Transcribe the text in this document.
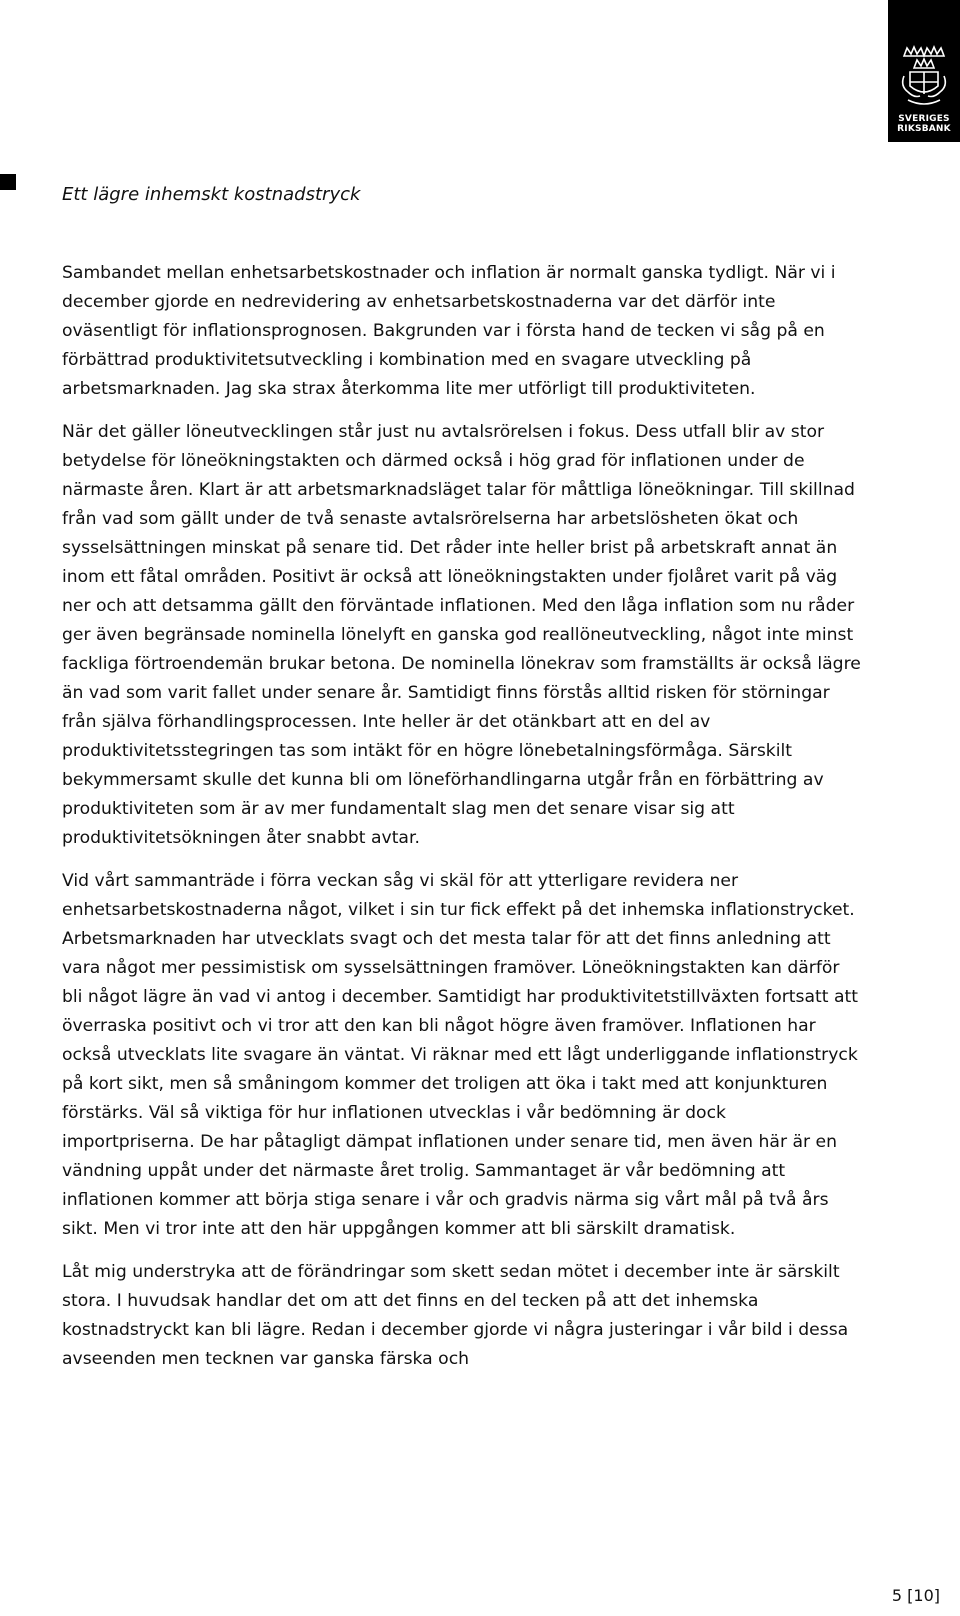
SVERIGES
RIKSBANK
Ett lägre inhemskt kostnadstryck

Sambandet mellan enhetsarbetskostnader och inflation är normalt ganska tydligt. När vi i december gjorde en nedrevidering av enhetsarbetskostnaderna var det därför inte oväsentligt för inflationsprognosen. Bakgrunden var i första hand de tecken vi såg på en förbättrad produktivitetsutveckling i kombination med en svagare utveckling på arbetsmarknaden. Jag ska strax återkomma lite mer utförligt till produktiviteten.

När det gäller löneutvecklingen står just nu avtalsrörelsen i fokus. Dess utfall blir av stor betydelse för löneökningstakten och därmed också i hög grad för inflationen under de närmaste åren. Klart är att arbetsmarknadsläget talar för måttliga löneökningar. Till skillnad från vad som gällt under de två senaste avtalsrörelserna har arbetslösheten ökat och sysselsättningen minskat på senare tid. Det råder inte heller brist på arbetskraft annat än inom ett fåtal områden. Positivt är också att löneökningstakten under fjolåret varit på väg ner och att detsamma gällt den förväntade inflationen. Med den låga inflation som nu råder ger även begränsade nominella lönelyft en ganska god reallöneutveckling, något inte minst fackliga förtroendemän brukar betona. De nominella lönekrav som framställts är också lägre än vad som varit fallet under senare år. Samtidigt finns förstås alltid risken för störningar från själva förhandlingsprocessen. Inte heller är det otänkbart att en del av produktivitetsstegringen tas som intäkt för en högre lönebetalningsförmåga. Särskilt bekymmersamt skulle det kunna bli om löneförhandlingarna utgår från en förbättring av produktiviteten som är av mer fundamentalt slag men det senare visar sig att produktivitetsökningen åter snabbt avtar.

Vid vårt sammanträde i förra veckan såg vi skäl för att ytterligare revidera ner enhetsarbetskostnaderna något, vilket i sin tur fick effekt på det inhemska inflationstrycket. Arbetsmarknaden har utvecklats svagt och det mesta talar för att det finns anledning att vara något mer pessimistisk om sysselsättningen framöver. Löneökningstakten kan därför bli något lägre än vad vi antog i december. Samtidigt har produktivitetstillväxten fortsatt att överraska positivt och vi tror att den kan bli något högre även framöver. Inflationen har också utvecklats lite svagare än väntat. Vi räknar med ett lågt underliggande inflationstryck på kort sikt, men så småningom kommer det troligen att öka i takt med att konjunkturen förstärks. Väl så viktiga för hur inflationen utvecklas i vår bedömning är dock importpriserna. De har påtagligt dämpat inflationen under senare tid, men även här är en vändning uppåt under det närmaste året trolig. Sammantaget är vår bedömning att inflationen kommer att börja stiga senare i vår och gradvis närma sig vårt mål på två års sikt. Men vi tror inte att den här uppgången kommer att bli särskilt dramatisk.

Låt mig understryka att de förändringar som skett sedan mötet i december inte är särskilt stora. I huvudsak handlar det om att det finns en del tecken på att det inhemska kostnadstryckt kan bli lägre. Redan i december gjorde vi några justeringar i vår bild i dessa avseenden men tecknen var ganska färska och

5 [10]
